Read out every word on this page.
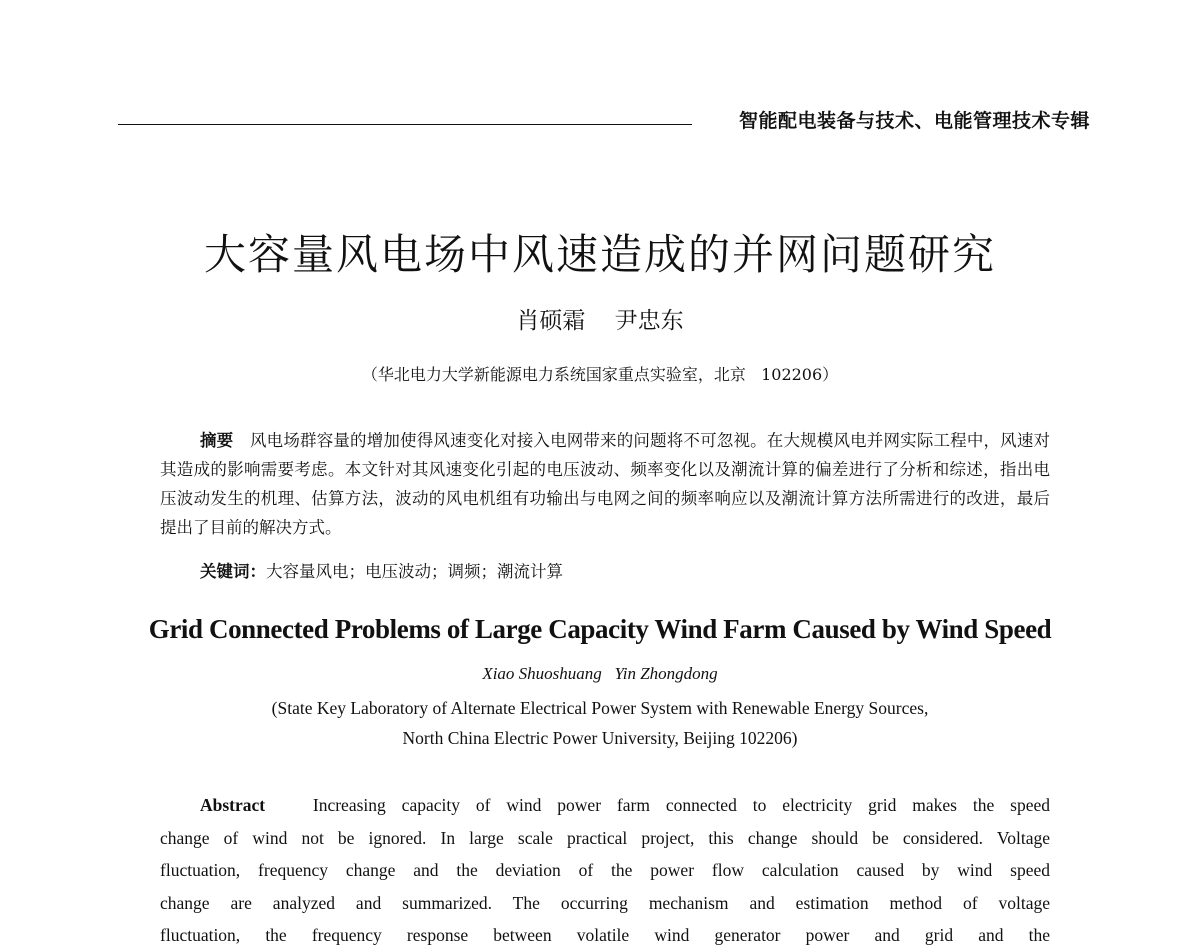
智能配电装备与技术、电能管理技术专辑
大容量风电场中风速造成的并网问题研究
肖硕霜    尹忠东
（华北电力大学新能源电力系统国家重点实验室，北京   102206）
摘要　 风电场群容量的增加使得风速变化对接入电网带来的问题将不可忽视。在大规模风电并网实际工程中，风速对其造成的影响需要考虑。本文针对其风速变化引起的电压波动、频率变化以及潮流计算的偏差进行了分析和综述，指出电压波动发生的机理、估算方法，波动的风电机组有功输出与电网之间的频率响应以及潮流计算方法所需进行的改进，最后提出了目前的解决方式。
关键词：大容量风电；电压波动；调频；潮流计算
Grid Connected Problems of Large Capacity Wind Farm Caused by Wind Speed
Xiao Shuoshuang   Yin Zhongdong
(State Key Laboratory of Alternate Electrical Power System with Renewable Energy Sources,
North China Electric Power University, Beijing 102206)
Abstract	Increasing capacity of wind power farm connected to electricity grid makes the speed
change of wind not be ignored. In large scale practical project, this change should be considered. Voltage
fluctuation, frequency change and the deviation of the power flow calculation caused by wind speed
change are analyzed and summarized. The occurring mechanism and estimation method of voltage
fluctuation, the frequency response between volatile wind generator power and grid and the
